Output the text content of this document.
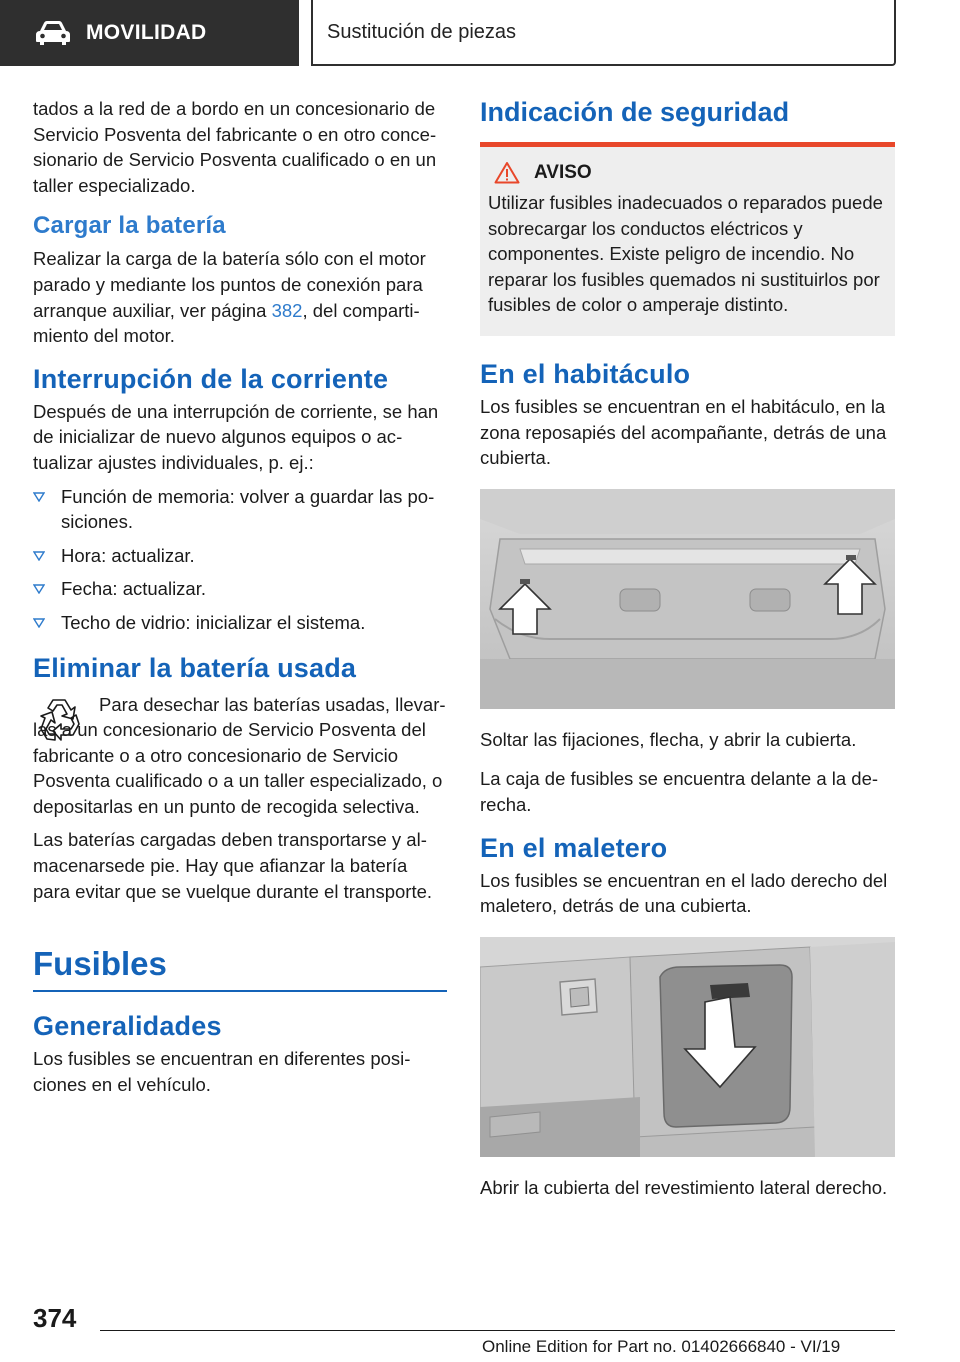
MOVILIDAD	Sustitución de piezas

tados a la red de a bordo en un concesionario de Servicio Posventa del fabricante o en otro concesionario de Servicio Posventa cualificado o en un taller especializado.

Cargar la batería

Realizar la carga de la batería sólo con el motor parado y mediante los puntos de conexión para arranque auxiliar, ver página 382, del compartimiento del motor.

Interrupción de la corriente

Después de una interrupción de corriente, se han de inicializar de nuevo algunos equipos o actualizar ajustes individuales, p. ej.:

Función de memoria: volver a guardar las posiciones.
Hora: actualizar.
Fecha: actualizar.
Techo de vidrio: inicializar el sistema.
Eliminar la batería usada

Para desechar las baterías usadas, llevarlas a un concesionario de Servicio Posventa del fabricante o a otro concesionario de Servicio Posventa cualificado o a un taller especializado, o depositarlas en un punto de recogida selectiva.

Las baterías cargadas deben transportarse y almacenarsede pie. Hay que afianzar la batería para evitar que se vuelque durante el transporte.

Fusibles
Generalidades

Los fusibles se encuentran en diferentes posiciones en el vehículo.

Indicación de seguridad
AVISO

Utilizar fusibles inadecuados o reparados puede sobrecargar los conductos eléctricos y componentes. Existe peligro de incendio. No reparar los fusibles quemados ni sustituirlos por fusibles de color o amperaje distinto.

En el habitáculo

Los fusibles se encuentran en el habitáculo, en la zona reposapiés del acompañante, detrás de una cubierta.

Soltar las fijaciones, flecha, y abrir la cubierta.

La caja de fusibles se encuentra delante a la derecha.

En el maletero

Los fusibles se encuentran en el lado derecho del maletero, detrás de una cubierta.

Abrir la cubierta del revestimiento lateral derecho.

374
Online Edition for Part no. 01402666840 - VI/19
